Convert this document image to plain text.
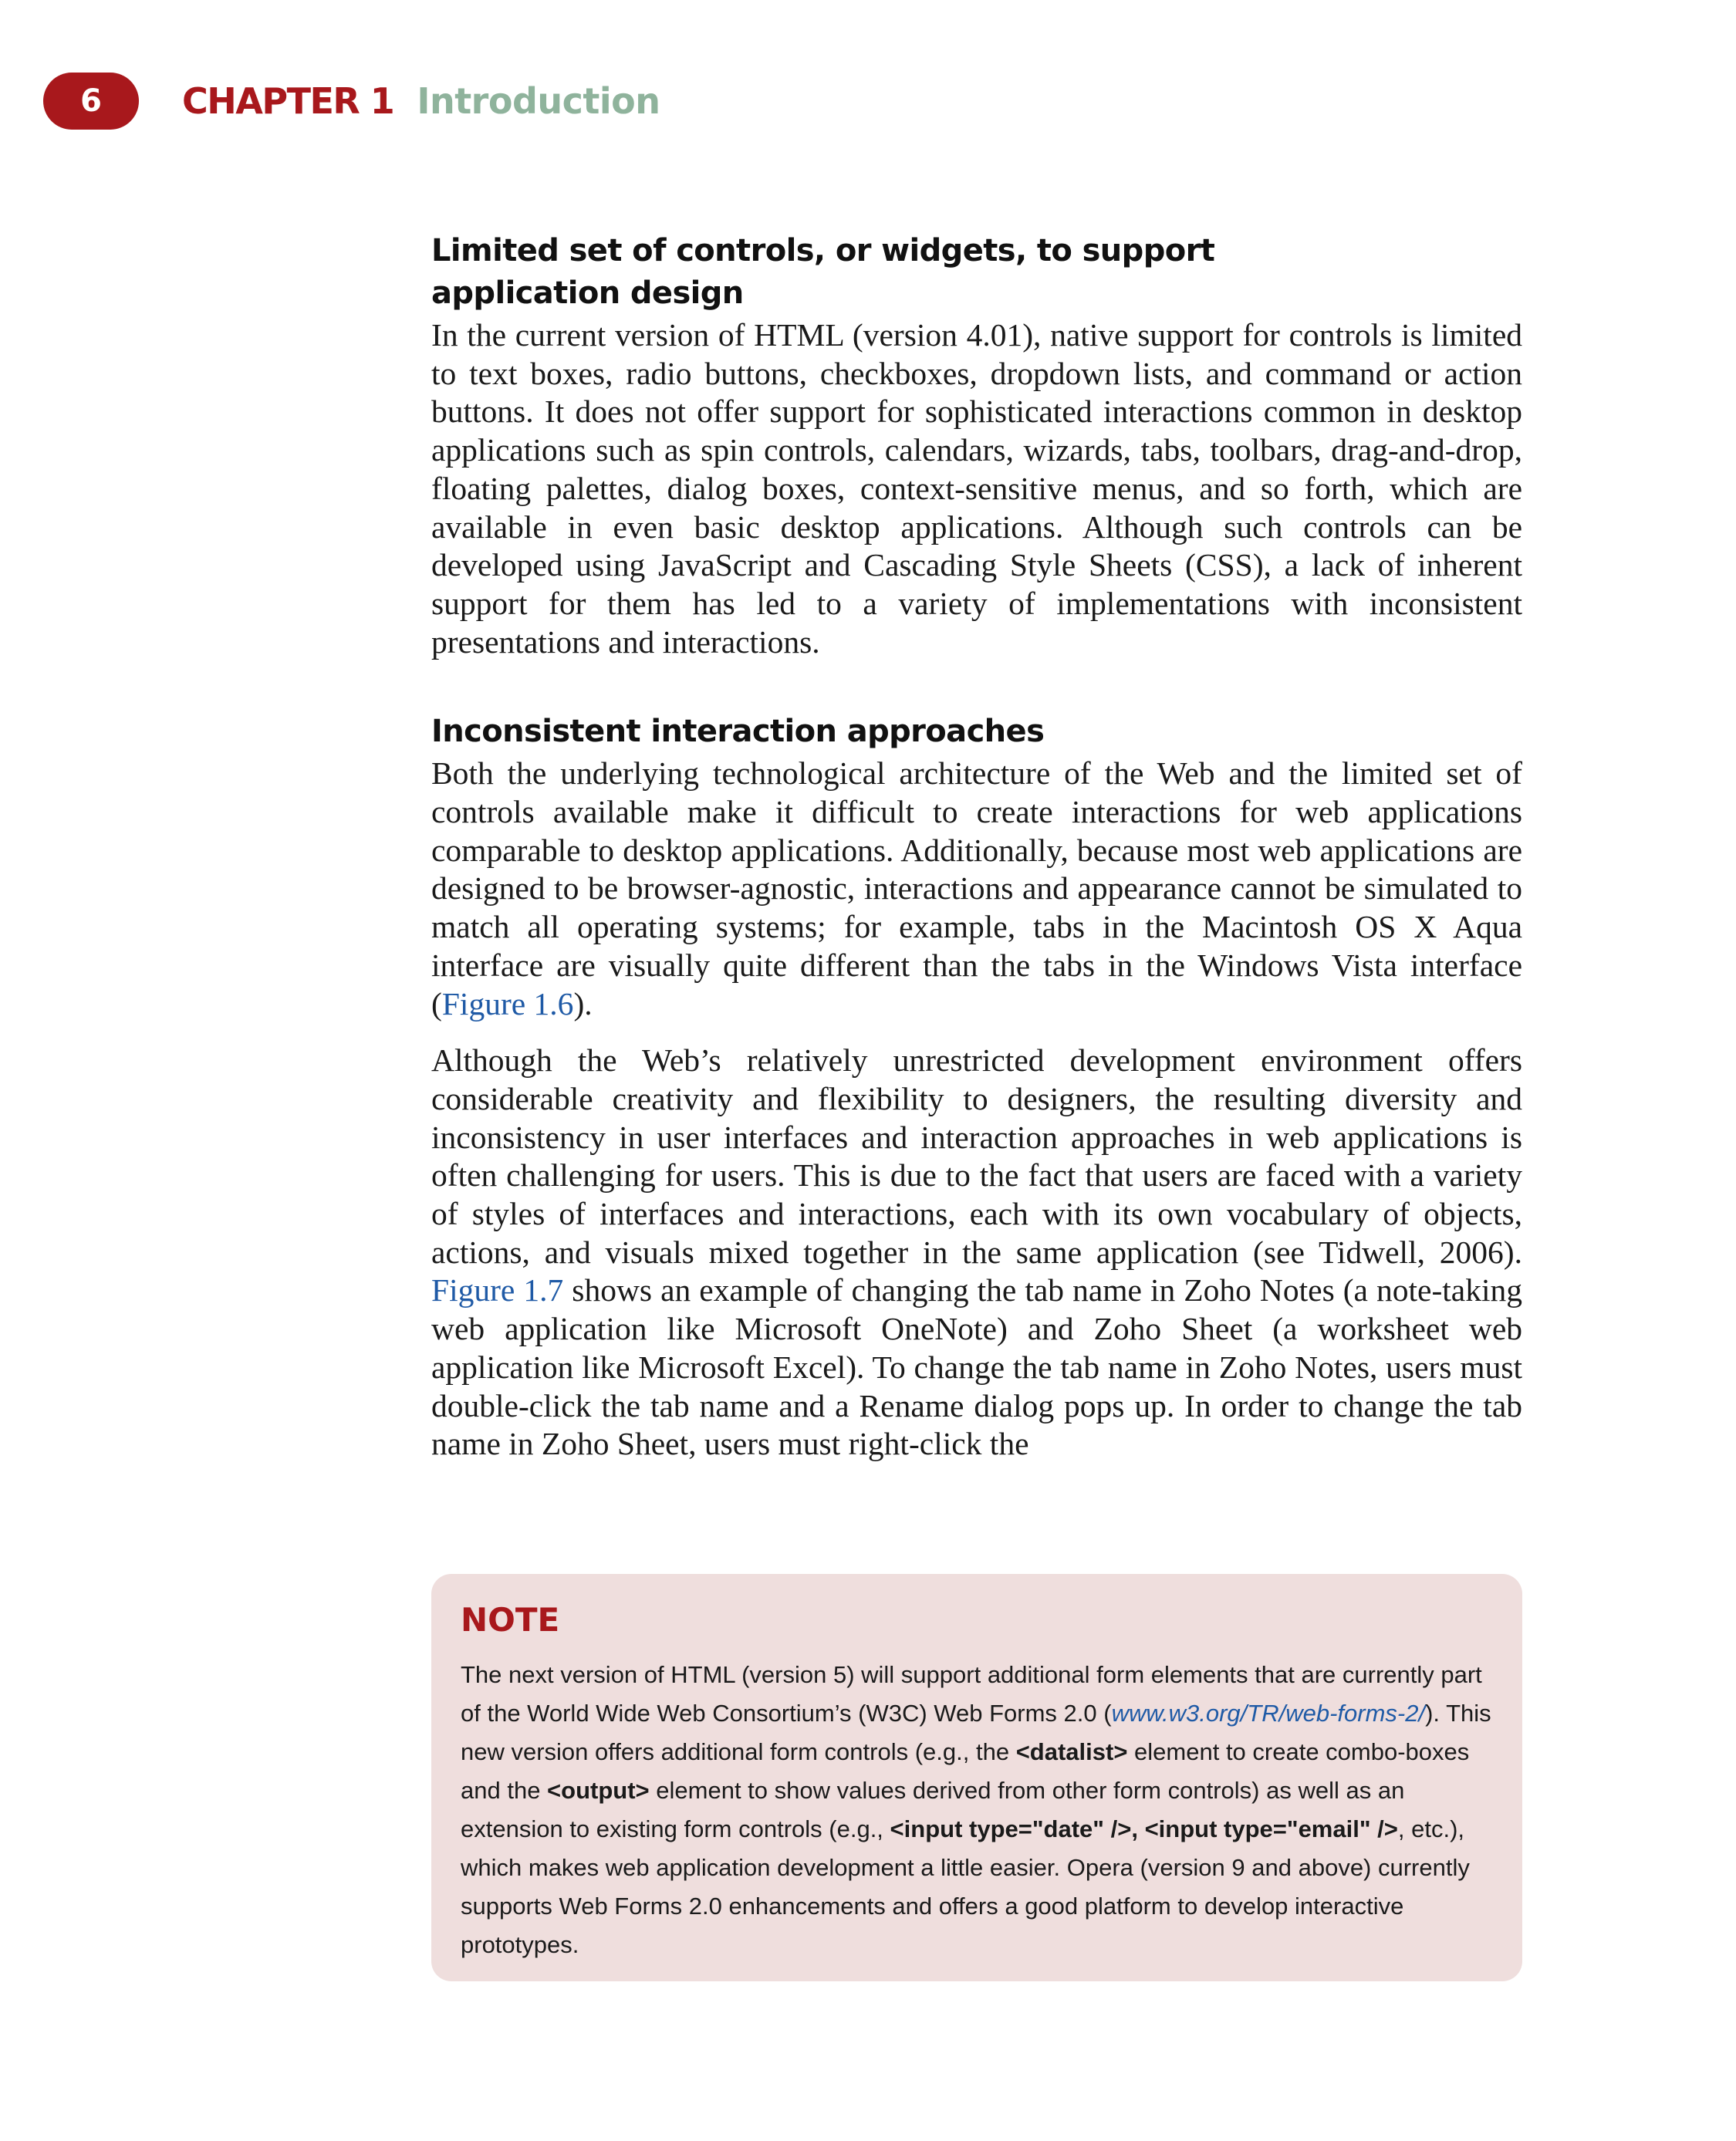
6	CHAPTER 1 Introduction
Limited set of controls, or widgets, to support
application design

In the current version of HTML (version 4.01), native support for controls is limited to text boxes, radio buttons, checkboxes, dropdown lists, and command or action buttons. It does not offer support for sophisticated interactions common in desktop applications such as spin controls, calendars, wizards, tabs, toolbars, drag-and-drop, floating palettes, dialog boxes, context-sensitive menus, and so forth, which are available in even basic desktop applications. Although such controls can be developed using JavaScript and Cascading Style Sheets (CSS), a lack of inherent support for them has led to a variety of implementations with inconsistent presentations and interactions.

Inconsistent interaction approaches

Both the underlying technological architecture of the Web and the limited set of controls available make it difficult to create interactions for web applications comparable to desktop applications. Additionally, because most web applications are designed to be browser-agnostic, interactions and appearance cannot be simulated to match all operating systems; for example, tabs in the Macintosh OS X Aqua interface are visually quite different than the tabs in the Windows Vista interface (Figure 1.6).

Although the Web’s relatively unrestricted development environment offers considerable creativity and flexibility to designers, the resulting diversity and inconsistency in user interfaces and interaction approaches in web applications is often challenging for users. This is due to the fact that users are faced with a variety of styles of interfaces and interactions, each with its own vocabulary of objects, actions, and visuals mixed together in the same application (see Tidwell, 2006). Figure 1.7 shows an example of changing the tab name in Zoho Notes (a note-taking web application like Microsoft OneNote) and Zoho Sheet (a worksheet web application like Microsoft Excel). To change the tab name in Zoho Notes, users must double-click the tab name and a Rename dialog pops up. In order to change the tab name in Zoho Sheet, users must right-click the

NOTE
The next version of HTML (version 5) will support additional form elements that are currently part of the World Wide Web Consortium’s (W3C) Web Forms 2.0 (www.w3.org/TR/web-forms-2/). This new version offers additional form controls (e.g., the <datalist> element to create combo-boxes and the <output> element to show values derived from other form controls) as well as an extension to existing form controls (e.g., <input type="date" />, <input type="email" />, etc.), which makes web application development a little easier. Opera (version 9 and above) currently supports Web Forms 2.0 enhancements and offers a good platform to develop interactive prototypes.
